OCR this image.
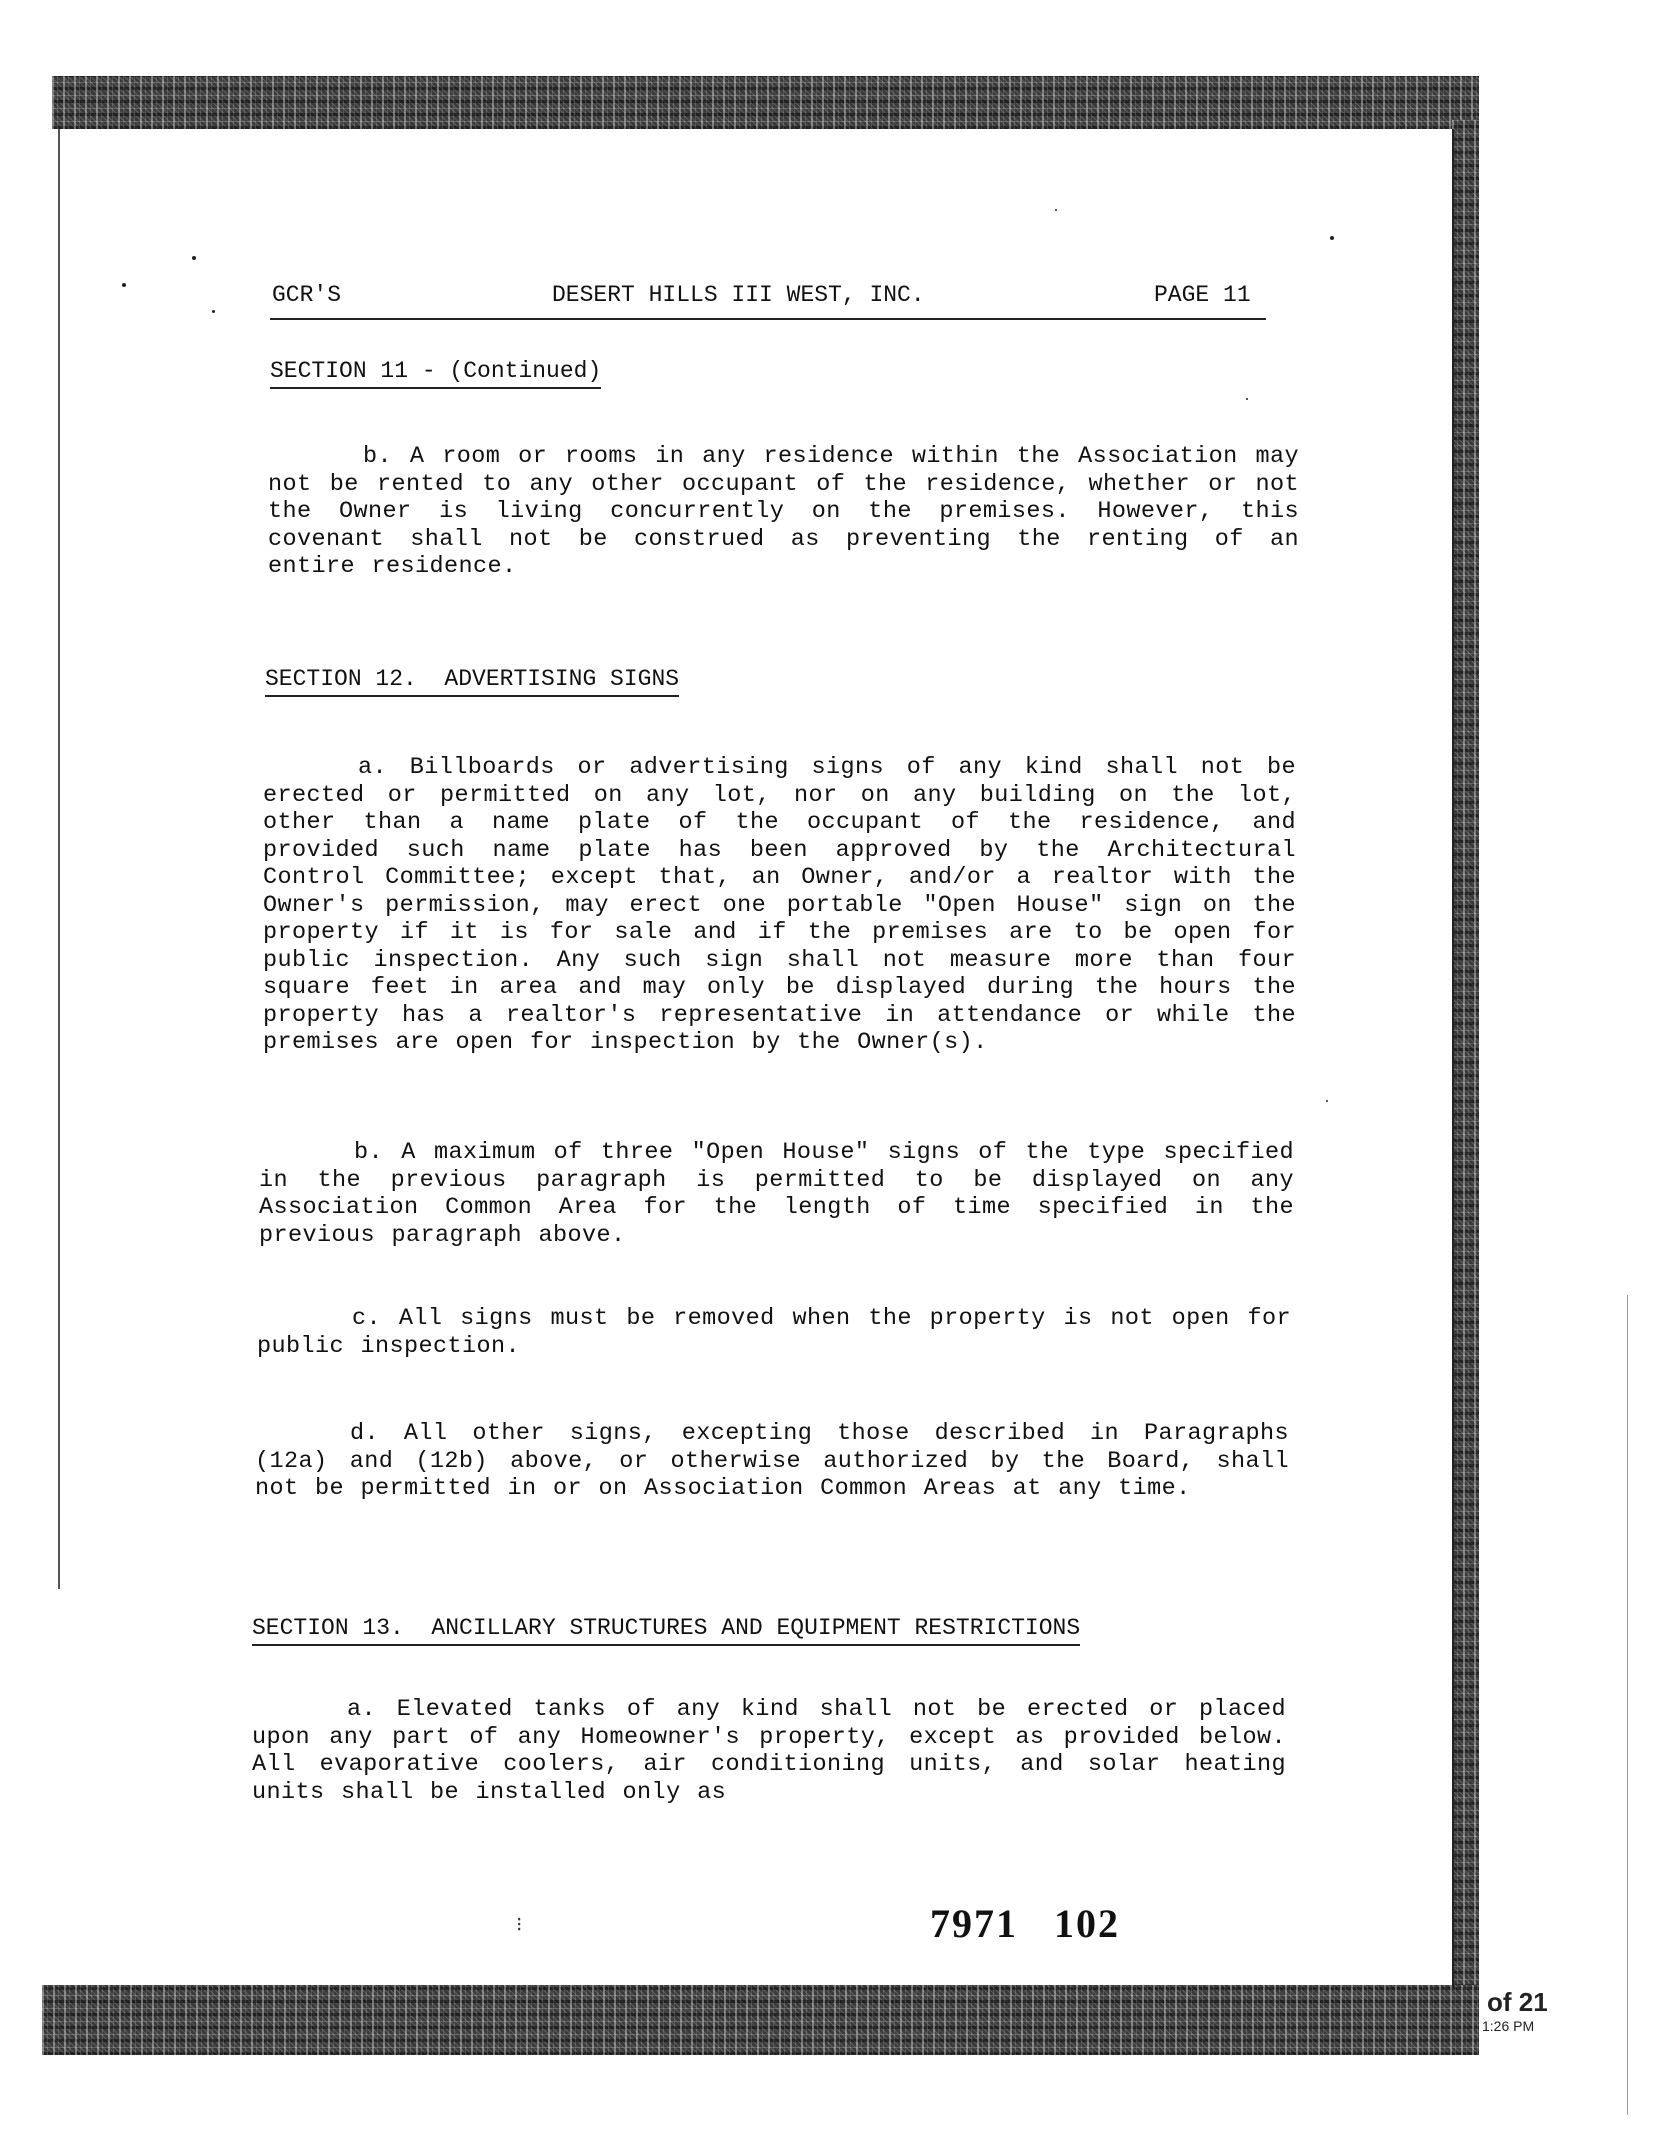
GCR'S	DESERT HILLS III WEST, INC.	PAGE 11
SECTION 11 - (Continued)
b. A room or rooms in any residence within the Association may not be rented to any other occupant of the residence, whether or not the Owner is living concurrently on the premises. However, this covenant shall not be construed as preventing the renting of an entire residence.
SECTION 12.  ADVERTISING SIGNS
a. Billboards or advertising signs of any kind shall not be erected or permitted on any lot, nor on any building on the lot, other than a name plate of the occupant of the residence, and provided such name plate has been approved by the Architectural Control Committee; except that, an Owner, and/or a realtor with the Owner's permission, may erect one portable "Open House" sign on the property if it is for sale and if the premises are to be open for public inspection. Any such sign shall not measure more than four square feet in area and may only be displayed during the hours the property has a realtor's representative in attendance or while the premises are open for inspection by the Owner(s).
b. A maximum of three "Open House" signs of the type specified in the previous paragraph is permitted to be displayed on any Association Common Area for the length of time specified in the previous paragraph above.
c. All signs must be removed when the property is not open for public inspection.
d. All other signs, excepting those described in Paragraphs (12a) and (12b) above, or otherwise authorized by the Board, shall not be permitted in or on Association Common Areas at any time.
SECTION 13.  ANCILLARY STRUCTURES AND EQUIPMENT RESTRICTIONS
a. Elevated tanks of any kind shall not be erected or placed upon any part of any Homeowner's property, except as provided below. All evaporative coolers, air conditioning units, and solar heating units shall be installed only as
⁝	7971 102
of 21
1:26 PM
